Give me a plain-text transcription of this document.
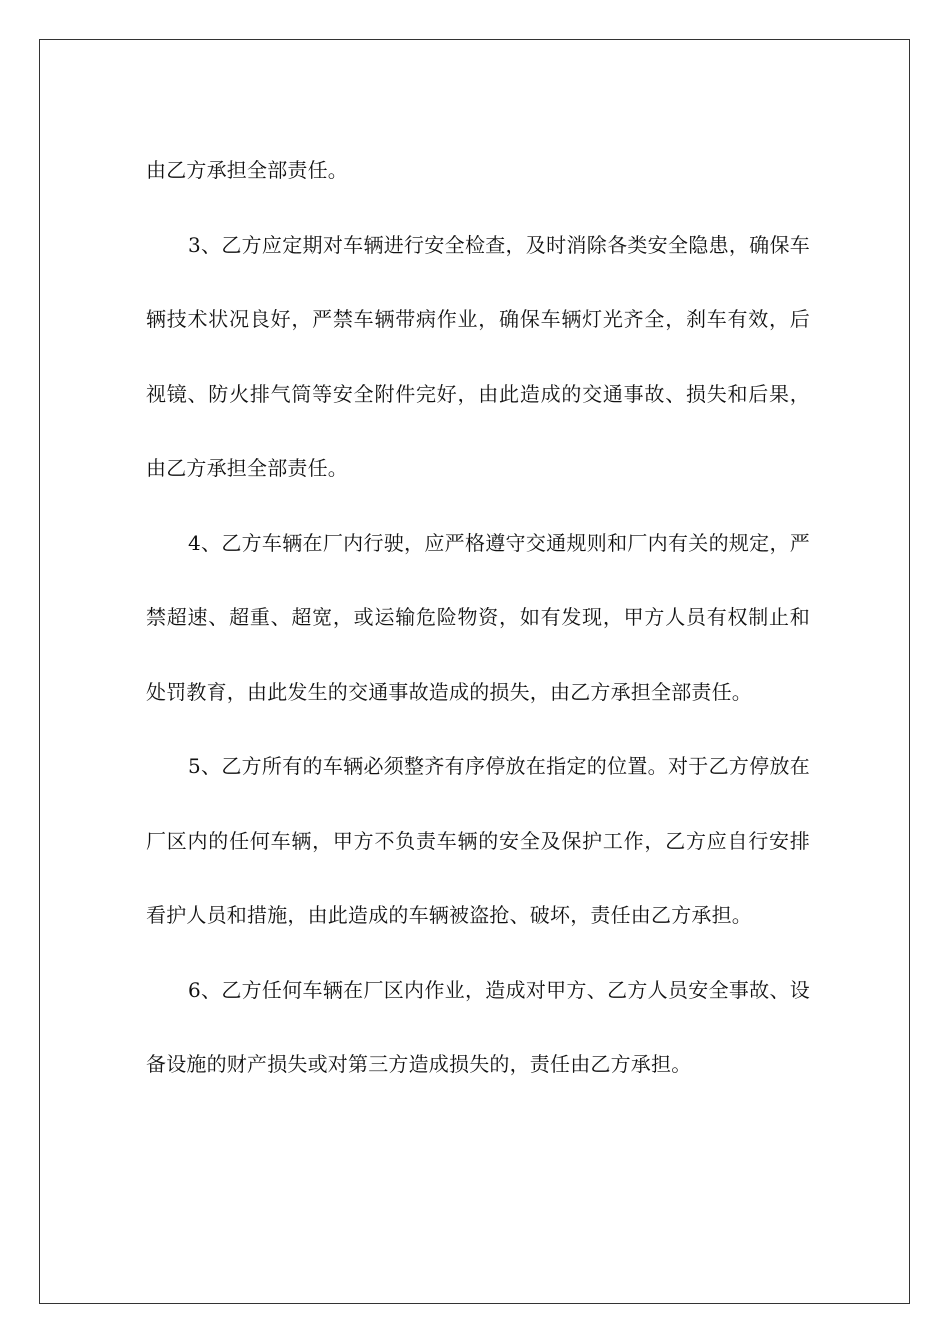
由乙方承担全部责任。

3、乙方应定期对车辆进行安全检查，及时消除各类安全隐患，确保车辆技术状况良好，严禁车辆带病作业，确保车辆灯光齐全，刹车有效，后视镜、防火排气筒等安全附件完好，由此造成的交通事故、损失和后果，由乙方承担全部责任。

4、乙方车辆在厂内行驶，应严格遵守交通规则和厂内有关的规定，严禁超速、超重、超宽，或运输危险物资，如有发现，甲方人员有权制止和处罚教育，由此发生的交通事故造成的损失，由乙方承担全部责任。

5、乙方所有的车辆必须整齐有序停放在指定的位置。对于乙方停放在厂区内的任何车辆，甲方不负责车辆的安全及保护工作，乙方应自行安排看护人员和措施，由此造成的车辆被盗抢、破坏，责任由乙方承担。

6、乙方任何车辆在厂区内作业，造成对甲方、乙方人员安全事故、设备设施的财产损失或对第三方造成损失的，责任由乙方承担。
